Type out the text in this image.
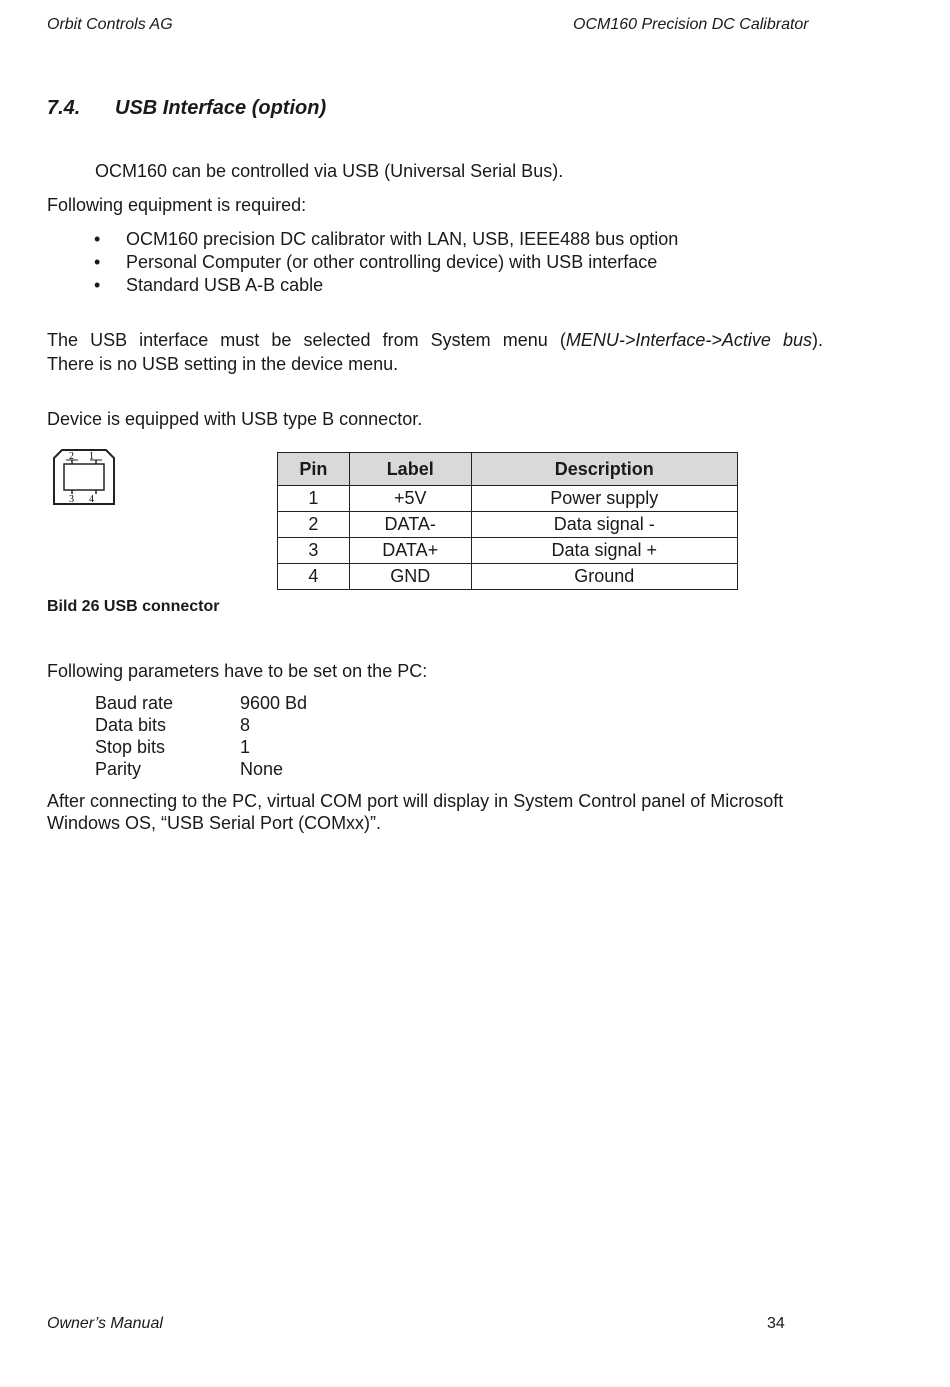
Orbit Controls AG	OCM160 Precision DC Calibrator
7.4. USB Interface (option)
OCM160 can be controlled via USB (Universal Serial Bus).
Following equipment is required:
• OCM160 precision DC calibrator with LAN, USB, IEEE488 bus option
• Personal Computer (or other controlling device) with USB interface
• Standard USB A-B cable
The USB interface must be selected from System menu (MENU->Interface->Active bus).
There is no USB setting in the device menu.
Device is equipped with USB type B connector.
2 1
3 4
Pin	Label	Description
1	+5V	Power supply
2	DATA-	Data signal -
3	DATA+	Data signal +
4	GND	Ground
Bild 26 USB connector
Following parameters have to be set on the PC:
Baud rate	9600 Bd
Data bits	8
Stop bits	1
Parity	None
After connecting to the PC, virtual COM port will display in System Control panel of Microsoft
Windows OS, “USB Serial Port (COMxx)”.
Owner’s Manual	34
